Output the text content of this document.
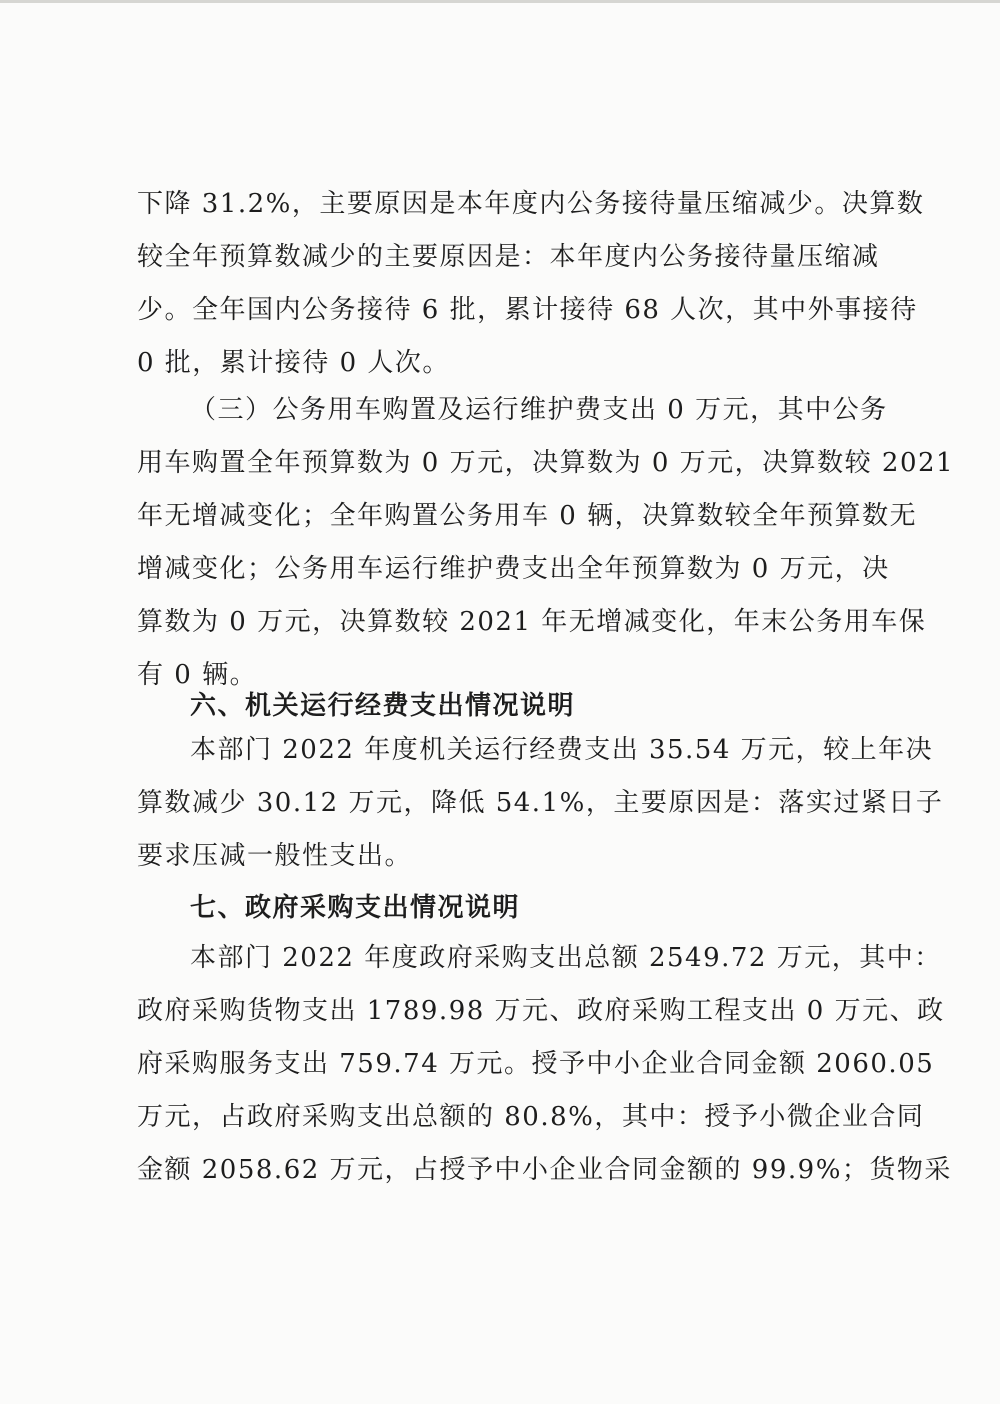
下降 31.2%，主要原因是本年度内公务接待量压缩减少。决算数
较全年预算数减少的主要原因是：本年度内公务接待量压缩减
少。全年国内公务接待 6 批，累计接待 68 人次，其中外事接待
0 批，累计接待 0 人次。
（三）公务用车购置及运行维护费支出 0 万元，其中公务
用车购置全年预算数为 0 万元，决算数为 0 万元，决算数较 2021
年无增减变化；全年购置公务用车 0 辆，决算数较全年预算数无
增减变化；公务用车运行维护费支出全年预算数为 0 万元，决
算数为 0 万元，决算数较 2021 年无增减变化，年末公务用车保
有 0 辆。
六、机关运行经费支出情况说明
本部门 2022 年度机关运行经费支出 35.54 万元，较上年决
算数减少 30.12 万元，降低 54.1%，主要原因是：落实过紧日子
要求压减一般性支出。
七、政府采购支出情况说明
本部门 2022 年度政府采购支出总额 2549.72 万元，其中：
政府采购货物支出 1789.98 万元、政府采购工程支出 0 万元、政
府采购服务支出 759.74 万元。授予中小企业合同金额 2060.05
万元，占政府采购支出总额的 80.8%，其中：授予小微企业合同
金额 2058.62 万元，占授予中小企业合同金额的 99.9%；货物采
